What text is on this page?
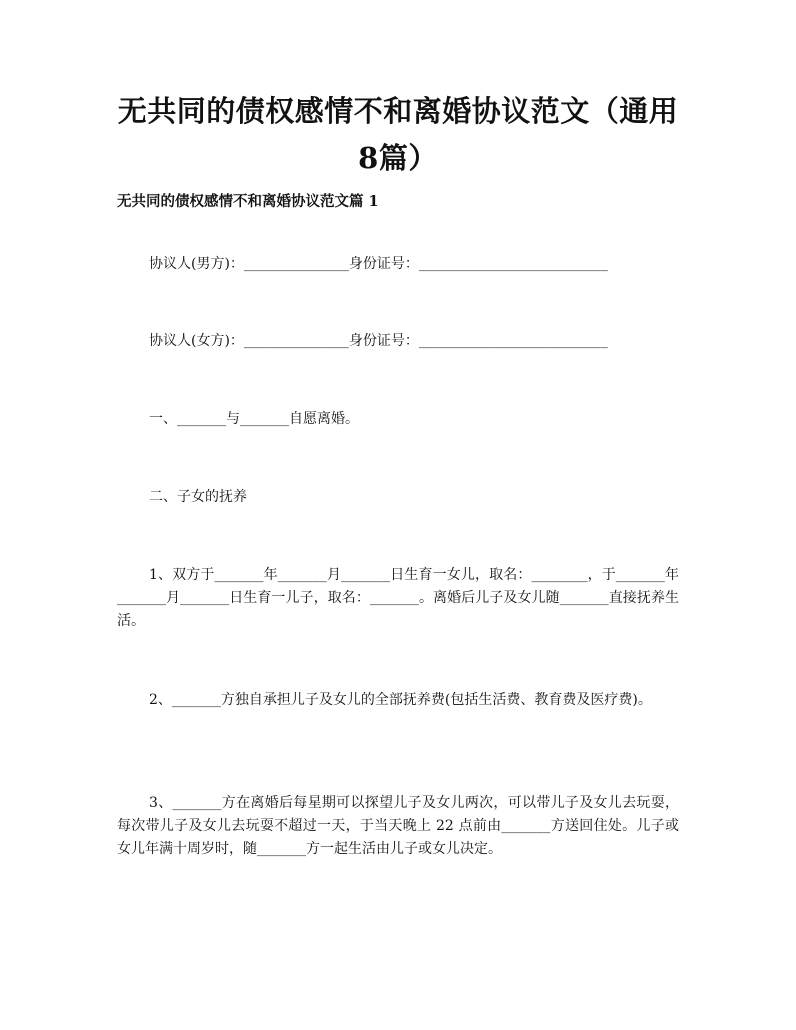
无共同的债权感情不和离婚协议范文（通用8篇）
无共同的债权感情不和离婚协议范文篇 1

协议人(男方)：_______________身份证号：___________________________

协议人(女方)：_______________身份证号：___________________________

一、_______与_______自愿离婚。

二、子女的抚养

1、双方于_______年_______月_______日生育一女儿，取名：________，于_______年_______月_______日生育一儿子，取名：_______。离婚后儿子及女儿随_______直接抚养生活。

2、_______方独自承担儿子及女儿的全部抚养费(包括生活费、教育费及医疗费)。

3、_______方在离婚后每星期可以探望儿子及女儿两次，可以带儿子及女儿去玩耍，每次带儿子及女儿去玩耍不超过一天，于当天晚上 22 点前由_______方送回住处。儿子或女儿年满十周岁时，随_______方一起生活由儿子或女儿决定。
